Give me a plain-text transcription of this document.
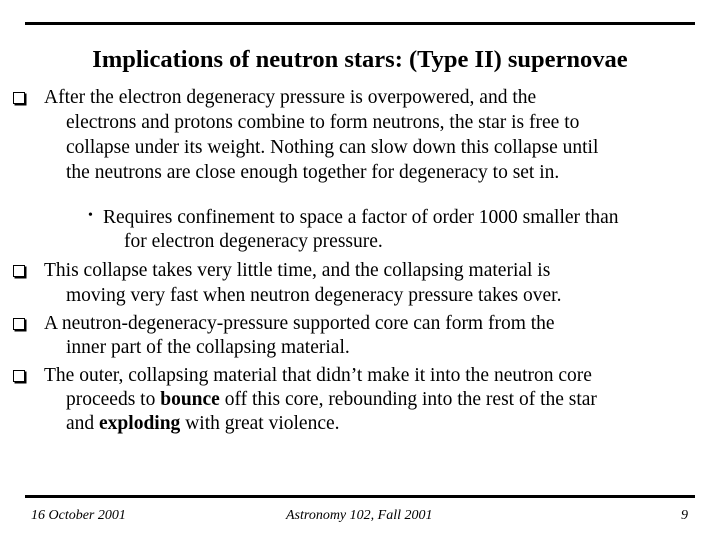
Implications of neutron stars: (Type II) supernovae
After the electron degeneracy pressure is overpowered, and the
electrons and protons combine to form neutrons, the star is free to
collapse under its weight. Nothing can slow down this collapse until
the neutrons are close enough together for degeneracy to set in.
• Requires confinement to space a factor of order 1000 smaller than
for electron degeneracy pressure.
This collapse takes very little time, and the collapsing material is
moving very fast when neutron degeneracy pressure takes over.
A neutron-degeneracy-pressure supported core can form from the
inner part of the collapsing material.
The outer, collapsing material that didn’t make it into the neutron core
proceeds to bounce off this core, rebounding into the rest of the star
and exploding with great violence.
16 October 2001	Astronomy 102, Fall 2001	9
